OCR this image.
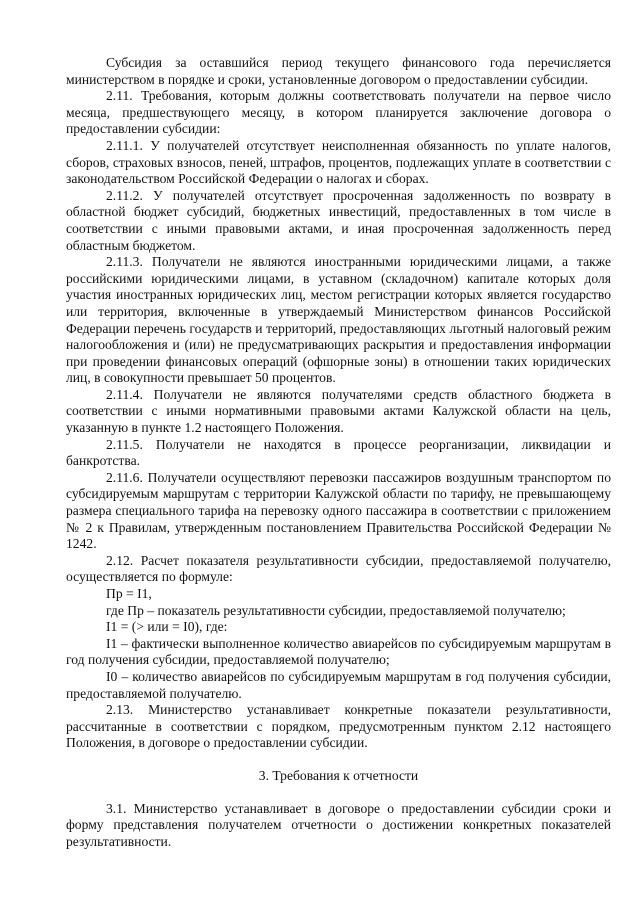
Субсидия за оставшийся период текущего финансового года перечисляется министерством в порядке и сроки, установленные договором о предоставлении субсидии.

2.11. Требования, которым должны соответствовать получатели на первое число месяца, предшествующего месяцу, в котором планируется заключение договора о предоставлении субсидии:

2.11.1. У получателей отсутствует неисполненная обязанность по уплате налогов, сборов, страховых взносов, пеней, штрафов, процентов, подлежащих уплате в соответствии с законодательством Российской Федерации о налогах и сборах.

2.11.2. У получателей отсутствует просроченная задолженность по возврату в областной бюджет субсидий, бюджетных инвестиций, предоставленных в том числе в соответствии с иными правовыми актами, и иная просроченная задолженность перед областным бюджетом.

2.11.3. Получатели не являются иностранными юридическими лицами, а также российскими юридическими лицами, в уставном (складочном) капитале которых доля участия иностранных юридических лиц, местом регистрации которых является государство или территория, включенные в утверждаемый Министерством финансов Российской Федерации перечень государств и территорий, предоставляющих льготный налоговый режим налогообложения и (или) не предусматривающих раскрытия и предоставления информации при проведении финансовых операций (офшорные зоны) в отношении таких юридических лиц, в совокупности превышает 50 процентов.

2.11.4. Получатели не являются получателями средств областного бюджета в соответствии с иными нормативными правовыми актами Калужской области на цель, указанную в пункте 1.2 настоящего Положения.

2.11.5. Получатели не находятся в процессе реорганизации, ликвидации и банкротства.

2.11.6. Получатели осуществляют перевозки пассажиров воздушным транспортом по субсидируемым маршрутам с территории Калужской области по тарифу, не превышающему размера специального тарифа на перевозку одного пассажира в соответствии с приложением № 2 к Правилам, утвержденным постановлением Правительства Российской Федерации № 1242.

2.12. Расчет показателя результативности субсидии, предоставляемой получателю, осуществляется по формуле:

Пр = I1,

где Пр – показатель результативности субсидии, предоставляемой получателю;

I1 = (> или = I0), где:

I1 – фактически выполненное количество авиарейсов по субсидируемым маршрутам в год получения субсидии, предоставляемой получателю;

I0 – количество авиарейсов по субсидируемым маршрутам в год получения субсидии, предоставляемой получателю.

2.13. Министерство устанавливает конкретные показатели результативности, рассчитанные в соответствии с порядком, предусмотренным пунктом 2.12 настоящего Положения, в договоре о предоставлении субсидии.

3. Требования к отчетности

3.1. Министерство устанавливает в договоре о предоставлении субсидии сроки и форму представления получателем отчетности о достижении конкретных показателей результативности.
